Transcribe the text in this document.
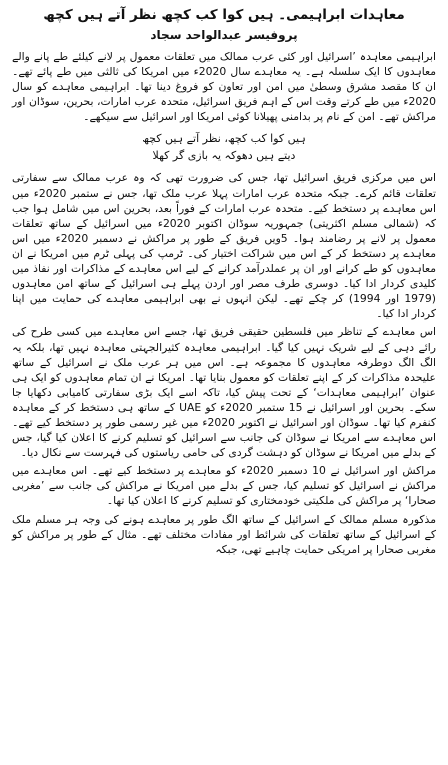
معاہدات ابراہیمی۔ ہیں کوا کب کچھ نظر آتے ہیں کچھ
پروفیسر عبدالواحد سجاد

ابراہیمی معاہدہ ’اسرائیل اور کئی عرب ممالک میں تعلقات معمول پر لانے کیلئے طے پانے والے معاہدوں کا ایک سلسلہ ہے۔ یہ معاہدے سال 2020ء میں امریکا کی ثالثی میں طے پائے تھے۔ ان کا مقصد مشرق وسطیٰ میں امن اور تعاون کو فروغ دینا تھا۔ ابراہیمی معاہدے کو سال 2020ء میں طے کرتے وقت اس کے اہم فریق اسرائیل، متحدہ عرب امارات، بحرین، سوڈان اور مراکش تھے۔ امن کے نام پر بدامنی پھیلانا کوئی امریکا اور اسرائیل سے سیکھے۔

ہیں کوا کب کچھ، نظر آتے ہیں کچھ
دیتے ہیں دھوکہ یہ بازی گر کھلا

اس میں مرکزی فریق اسرائیل تھا، جس کی ضرورت تھی کہ وہ عرب ممالک سے سفارتی تعلقات قائم کرے۔ جبکہ متحدہ عرب امارات پہلا عرب ملک تھا، جس نے ستمبر 2020ء میں اس معاہدے پر دستخط کیے۔ متحدہ عرب امارات کے فوراً بعد، بحرین اس میں شامل ہوا جب کہ (شمالی مسلم اکثریتی) جمہوریہ سوڈان اکتوبر 2020ء میں اسرائیل کے ساتھ تعلقات معمول پر لانے پر رضامند ہوا۔ 5ویں فریق کے طور پر مراکش نے دسمبر 2020ء میں اس معاہدے پر دستخط کر کے اس میں شراکت اختیار کی۔ ٹرمپ کی پہلی ٹرم میں امریکا نے ان معاہدوں کو طے کرانے اور ان پر عملدرآمد کرانے کے لیے اس معاہدے کے مذاکرات اور نفاذ میں کلیدی کردار ادا کیا۔ دوسری طرف مصر اور اردن پہلے ہی اسرائیل کے ساتھ امن معاہدوں (1979 اور 1994) کر چکے تھے۔ لیکن انہوں نے بھی ابراہیمی معاہدے کی حمایت میں اپنا کردار ادا کیا۔

اس معاہدے کے تناظر میں فلسطین حقیقی فریق تھا، جسے اس معاہدے میں کسی طرح کی رائے دہی کے لیے شریک نہیں کیا گیا۔ ابراہیمی معاہدہ کثیرالجہتی معاہدہ نہیں تھا، بلکہ یہ الگ الگ دوطرفہ معاہدوں کا مجموعہ ہے۔ اس میں ہر عرب ملک نے اسرائیل کے ساتھ علیحدہ مذاکرات کر کے اپنے تعلقات کو معمول بنایا تھا۔ امریکا نے ان تمام معاہدوں کو ایک ہی عنوان ’ابراہیمی معاہدات‘ کے تحت پیش کیا، تاکہ اسے ایک بڑی سفارتی کامیابی دکھایا جا سکے۔ بحرین اور اسرائیل نے 15 ستمبر 2020ء کو UAE کے ساتھ ہی دستخط کر کے معاہدہ کنفرم کیا تھا۔ سوڈان اور اسرائیل نے اکتوبر 2020ء میں غیر رسمی طور پر دستخط کیے تھے۔ اس معاہدے سے امریکا نے سوڈان کی جانب سے اسرائیل کو تسلیم کرنے کا اعلان کیا گیا، جس کے بدلے میں امریکا نے سوڈان کو دہشت گردی کی حامی ریاستوں کی فہرست سے نکال دیا۔

مراکش اور اسرائیل نے 10 دسمبر 2020ء کو معاہدے پر دستخط کیے تھے۔ اس معاہدے میں مراکش نے اسرائیل کو تسلیم کیا، جس کے بدلے میں امریکا نے مراکش کی جانب سے ’مغربی صحارا‘ پر مراکش کی ملکیتی خودمختاری کو تسلیم کرنے کا اعلان کیا تھا۔

مذکورہ مسلم ممالک کے اسرائیل کے ساتھ الگ طور پر معاہدے ہونے کی وجہ ہر مسلم ملک کے اسرائیل کے ساتھ تعلقات کی شرائط اور مفادات مختلف تھے۔ مثال کے طور پر مراکش کو مغربی صحارا پر امریکی حمایت چاہیے تھی، جبکہ
